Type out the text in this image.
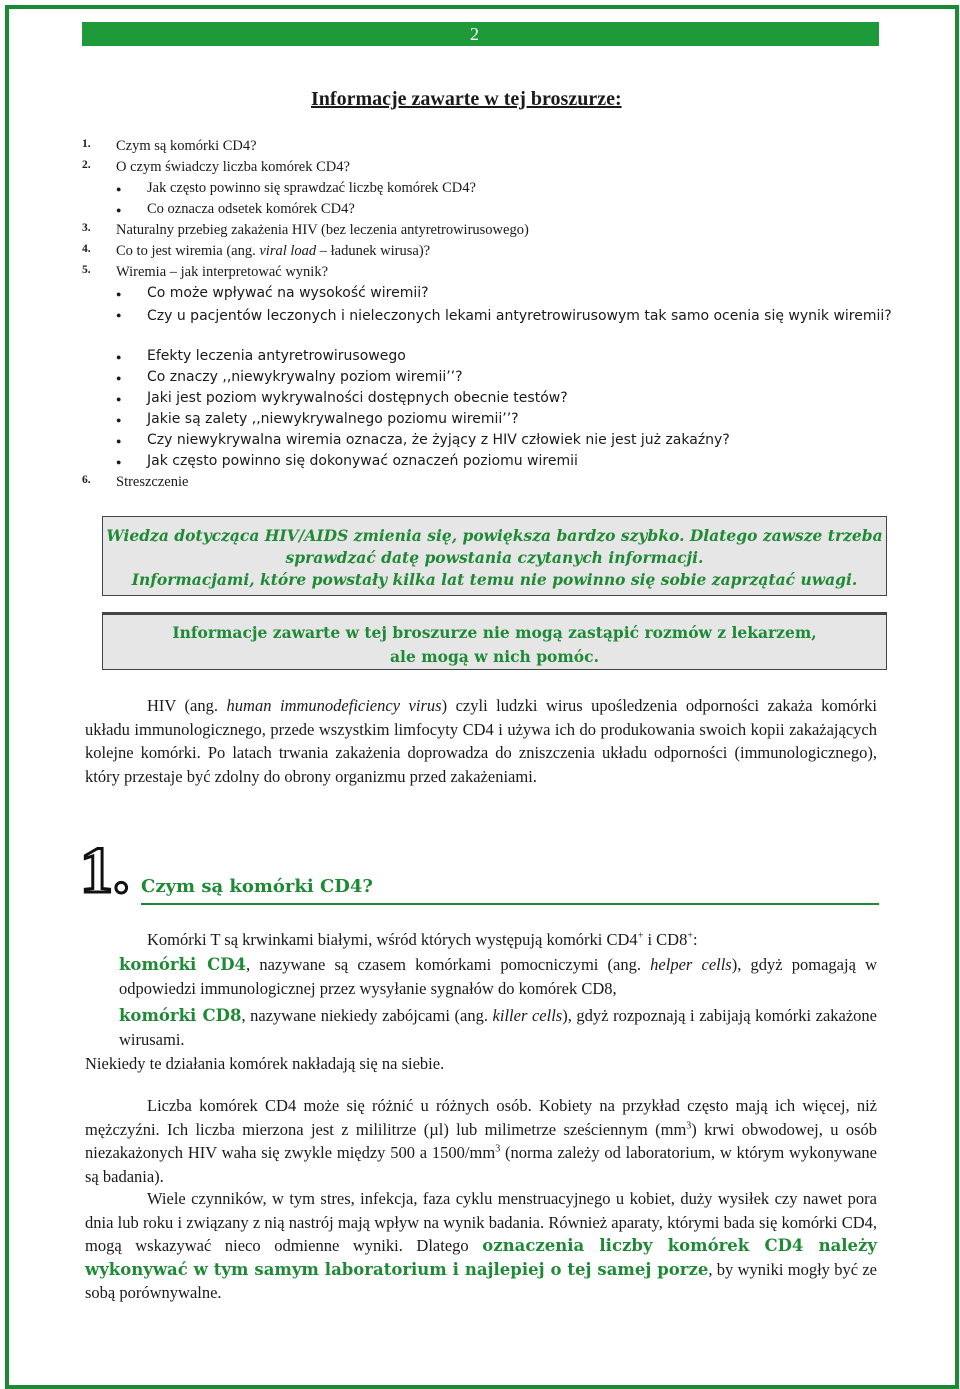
2
Informacje zawarte w tej broszurze:
1. Czym są komórki CD4?
2. O czym świadczy liczba komórek CD4?
● Jak często powinno się sprawdzać liczbę komórek CD4?
● Co oznacza odsetek komórek CD4?
3. Naturalny przebieg zakażenia HIV (bez leczenia antyretrowirusowego)
4. Co to jest wiremia (ang. viral load – ładunek wirusa)?
5. Wiremia – jak interpretować wynik?
● Co może wpływać na wysokość wiremii?
● Czy u pacjentów leczonych i nieleczonych lekami antyretrowirusowym tak samo ocenia się wynik wiremii?
● Efekty leczenia antyretrowirusowego
● Co znaczy ,,niewykrywalny poziom wiremii’’?
● Jaki jest poziom wykrywalności dostępnych obecnie testów?
● Jakie są zalety ,,niewykrywalnego poziomu wiremii’’?
● Czy niewykrywalna wiremia oznacza, że żyjący z HIV człowiek nie jest już zakaźny?
● Jak często powinno się dokonywać oznaczeń poziomu wiremii
6. Streszczenie
Wiedza dotycząca HIV/AIDS zmienia się, powiększa bardzo szybko. Dlatego zawsze trzeba
sprawdzać datę powstania czytanych informacji.
Informacjami, które powstały kilka lat temu nie powinno się sobie zaprzątać uwagi.
Informacje zawarte w tej broszurze nie mogą zastąpić rozmów z lekarzem,
ale mogą w nich pomóc.
HIV (ang. human immunodeficiency virus) czyli ludzki wirus upośledzenia odporności zakaża komórki układu immunologicznego, przede wszystkim limfocyty CD4 i używa ich do produkowania swoich kopii zakażających kolejne komórki. Po latach trwania zakażenia doprowadza do zniszczenia układu odporności (immunologicznego), który przestaje być zdolny do obrony organizmu przed zakażeniami.
1. Czym są komórki CD4?
Komórki T są krwinkami białymi, wśród których występują komórki CD4+ i CD8+:
komórki CD4, nazywane są czasem komórkami pomocniczymi (ang. helper cells), gdyż pomagają w odpowiedzi immunologicznej przez wysyłanie sygnałów do komórek CD8,
komórki CD8, nazywane niekiedy zabójcami (ang. killer cells), gdyż rozpoznają i zabijają komórki zakażone wirusami.
Niekiedy te działania komórek nakładają się na siebie.
Liczba komórek CD4 może się różnić u różnych osób. Kobiety na przykład często mają ich więcej, niż mężczyźni. Ich liczba mierzona jest z mililitrze (µl) lub milimetrze sześciennym $(mm^3)$ krwi obwodowej, u osób niezakażonych HIV waha się zwykle między 500 a $1500/mm^3$ (norma zależy od laboratorium, w którym wykonywane są badania).
Wiele czynników, w tym stres, infekcja, faza cyklu menstruacyjnego u kobiet, duży wysiłek czy nawet pora dnia lub roku i związany z nią nastrój mają wpływ na wynik badania. Również aparaty, którymi bada się komórki CD4, mogą wskazywać nieco odmienne wyniki. Dlatego oznaczenia liczby komórek CD4 należy wykonywać w tym samym laboratorium i najlepiej o tej samej porze, by wyniki mogły być ze sobą porównywalne.
